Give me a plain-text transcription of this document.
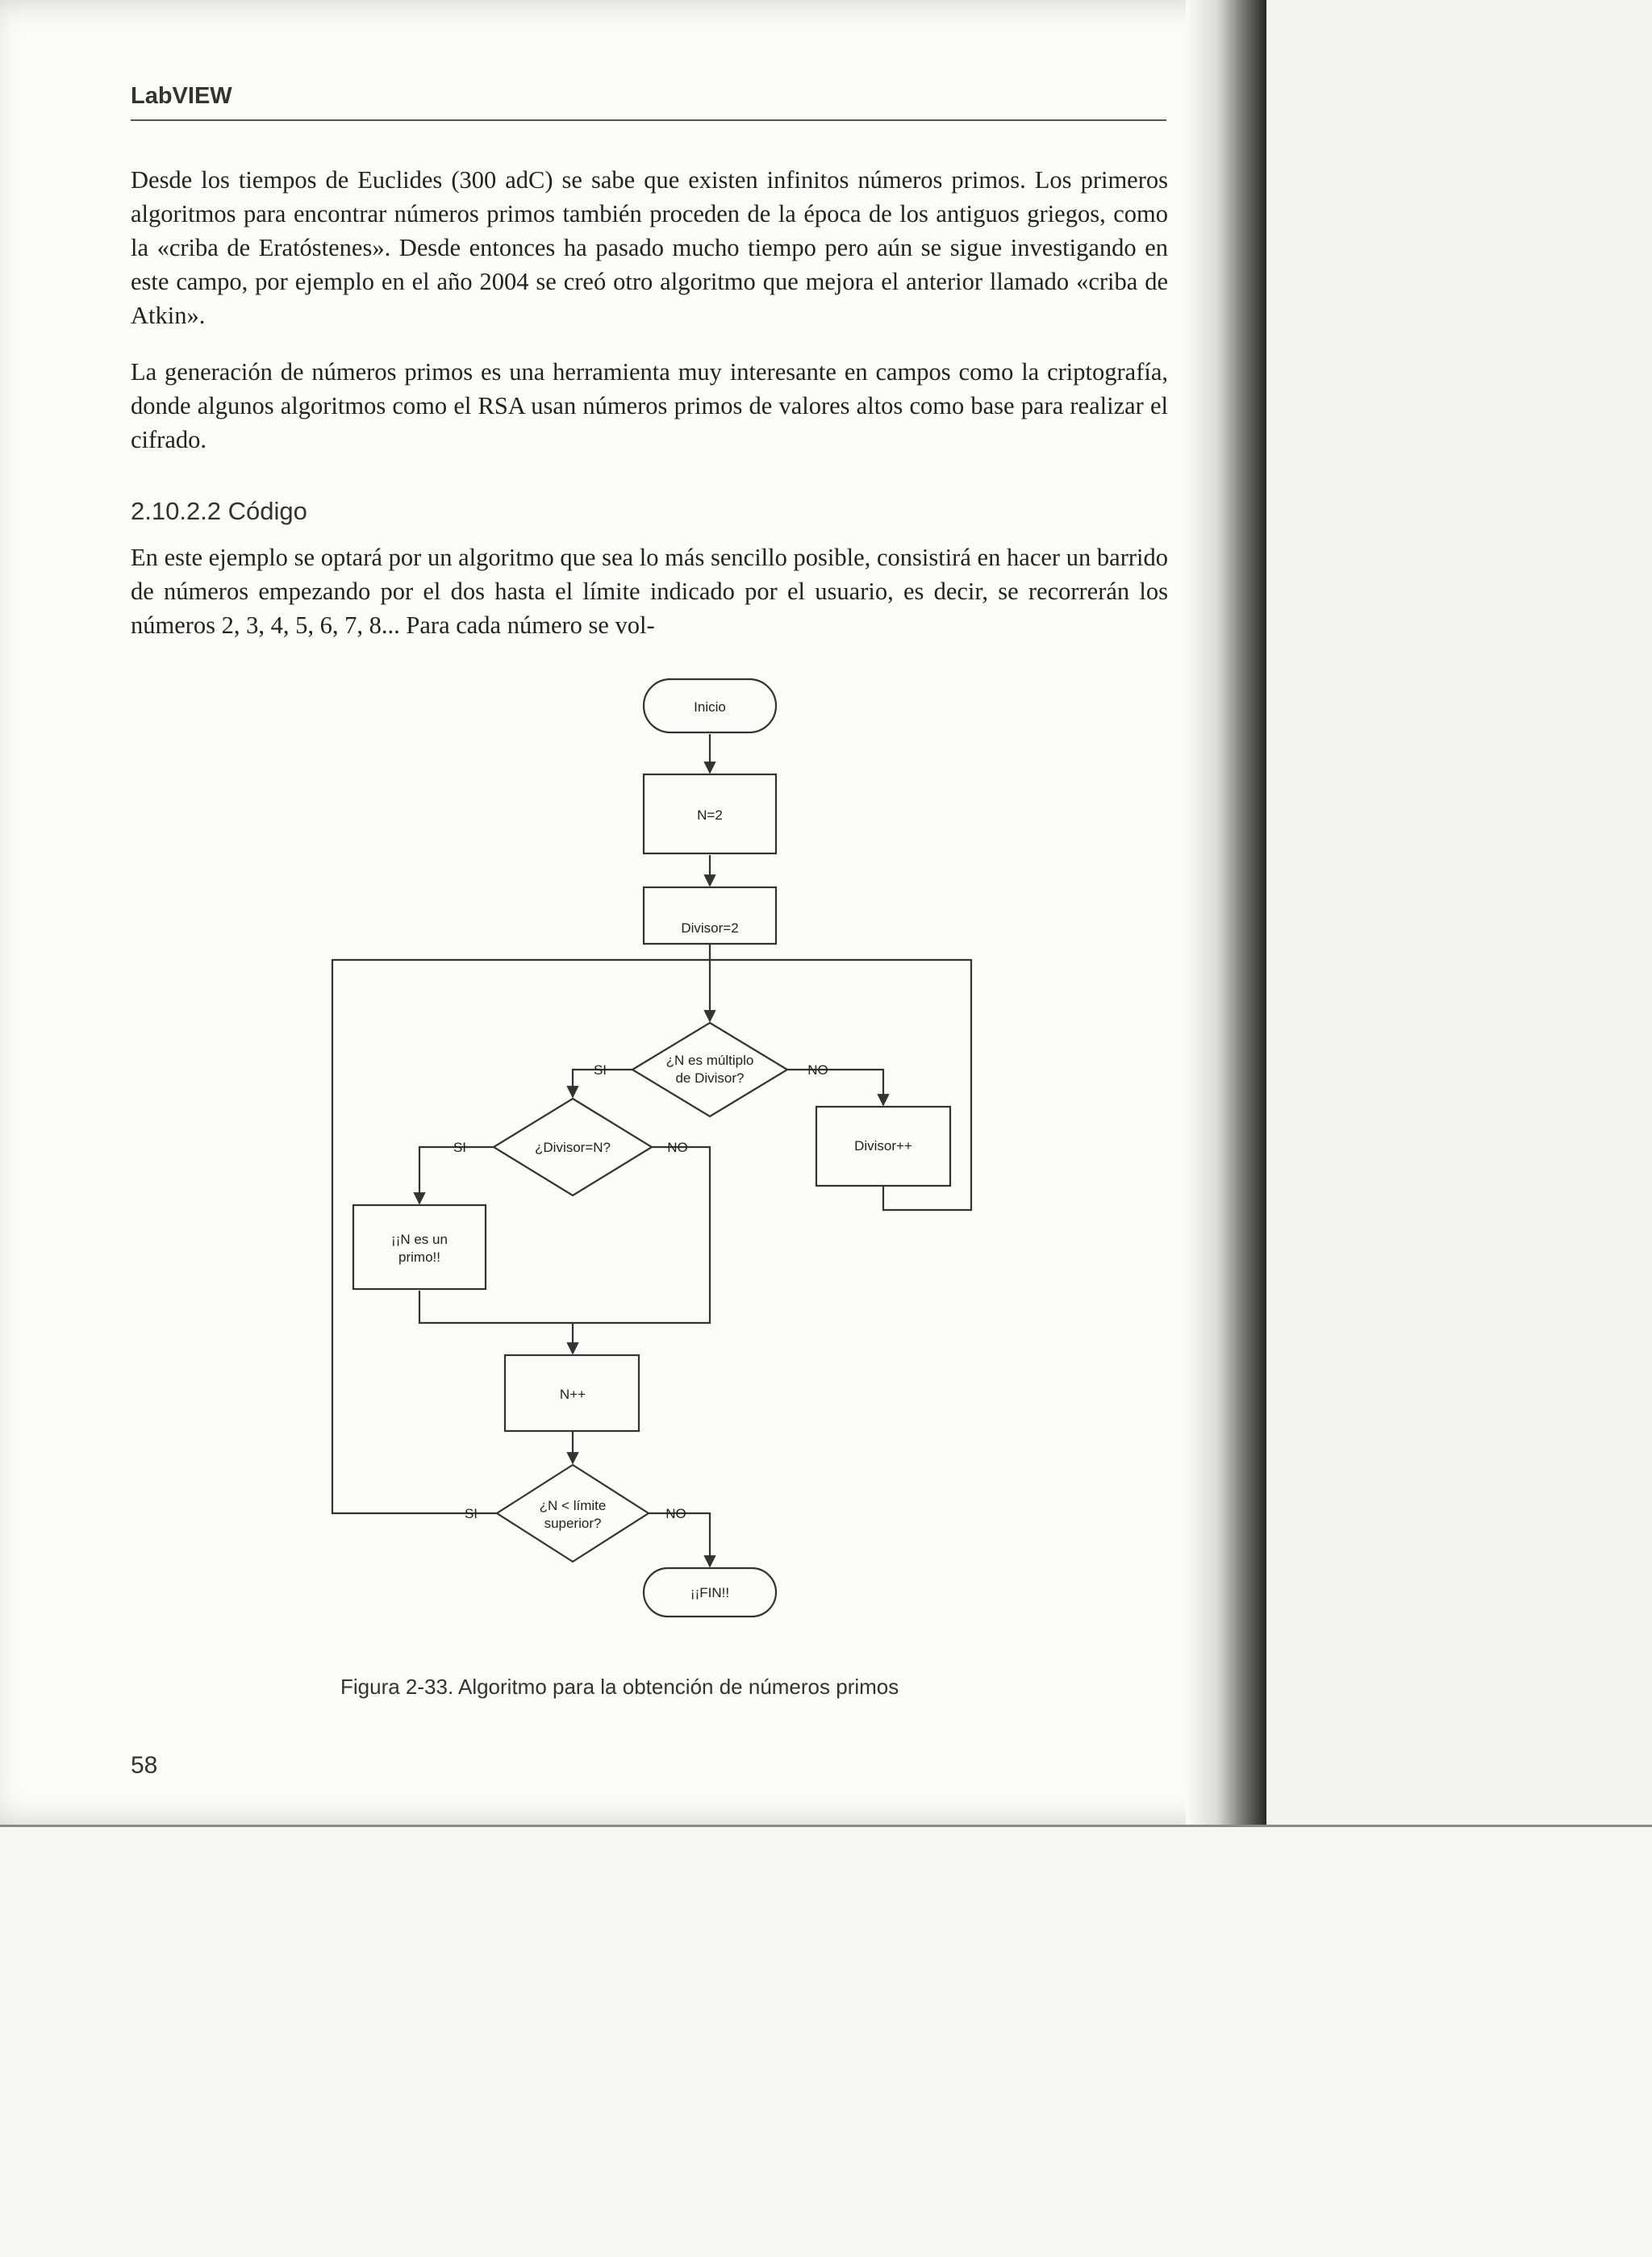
LabVIEW

Desde los tiempos de Euclides (300 adC) se sabe que existen infinitos números primos. Los primeros algoritmos para encontrar números primos también proceden de la época de los antiguos griegos, como la «criba de Eratóstenes». Desde entonces ha pasado mucho tiempo pero aún se sigue investigando en este campo, por ejemplo en el año 2004 se creó otro algoritmo que mejora el anterior llamado «criba de Atkin».

La generación de números primos es una herramienta muy interesante en campos como la criptografía, donde algunos algoritmos como el RSA usan números primos de valores altos como base para realizar el cifrado.

2.10.2.2 Código

En este ejemplo se optará por un algoritmo que sea lo más sencillo posible, consistirá en hacer un barrido de números empezando por el dos hasta el límite indicado por el usuario, es decir, se recorrerán los números 2, 3, 4, 5, 6, 7, 8... Para cada número se vol-

Inicio
N=2
Divisor=2
¿N es múltiplo
de Divisor?
¿Divisor=N?	Divisor++
¡¡N es un
primo!!
N++
¿N < límite
superior?
¡¡FIN!!
SI	NO
SI	NO
SI	NO
Figura 2-33. Algoritmo para la obtención de números primos
58
